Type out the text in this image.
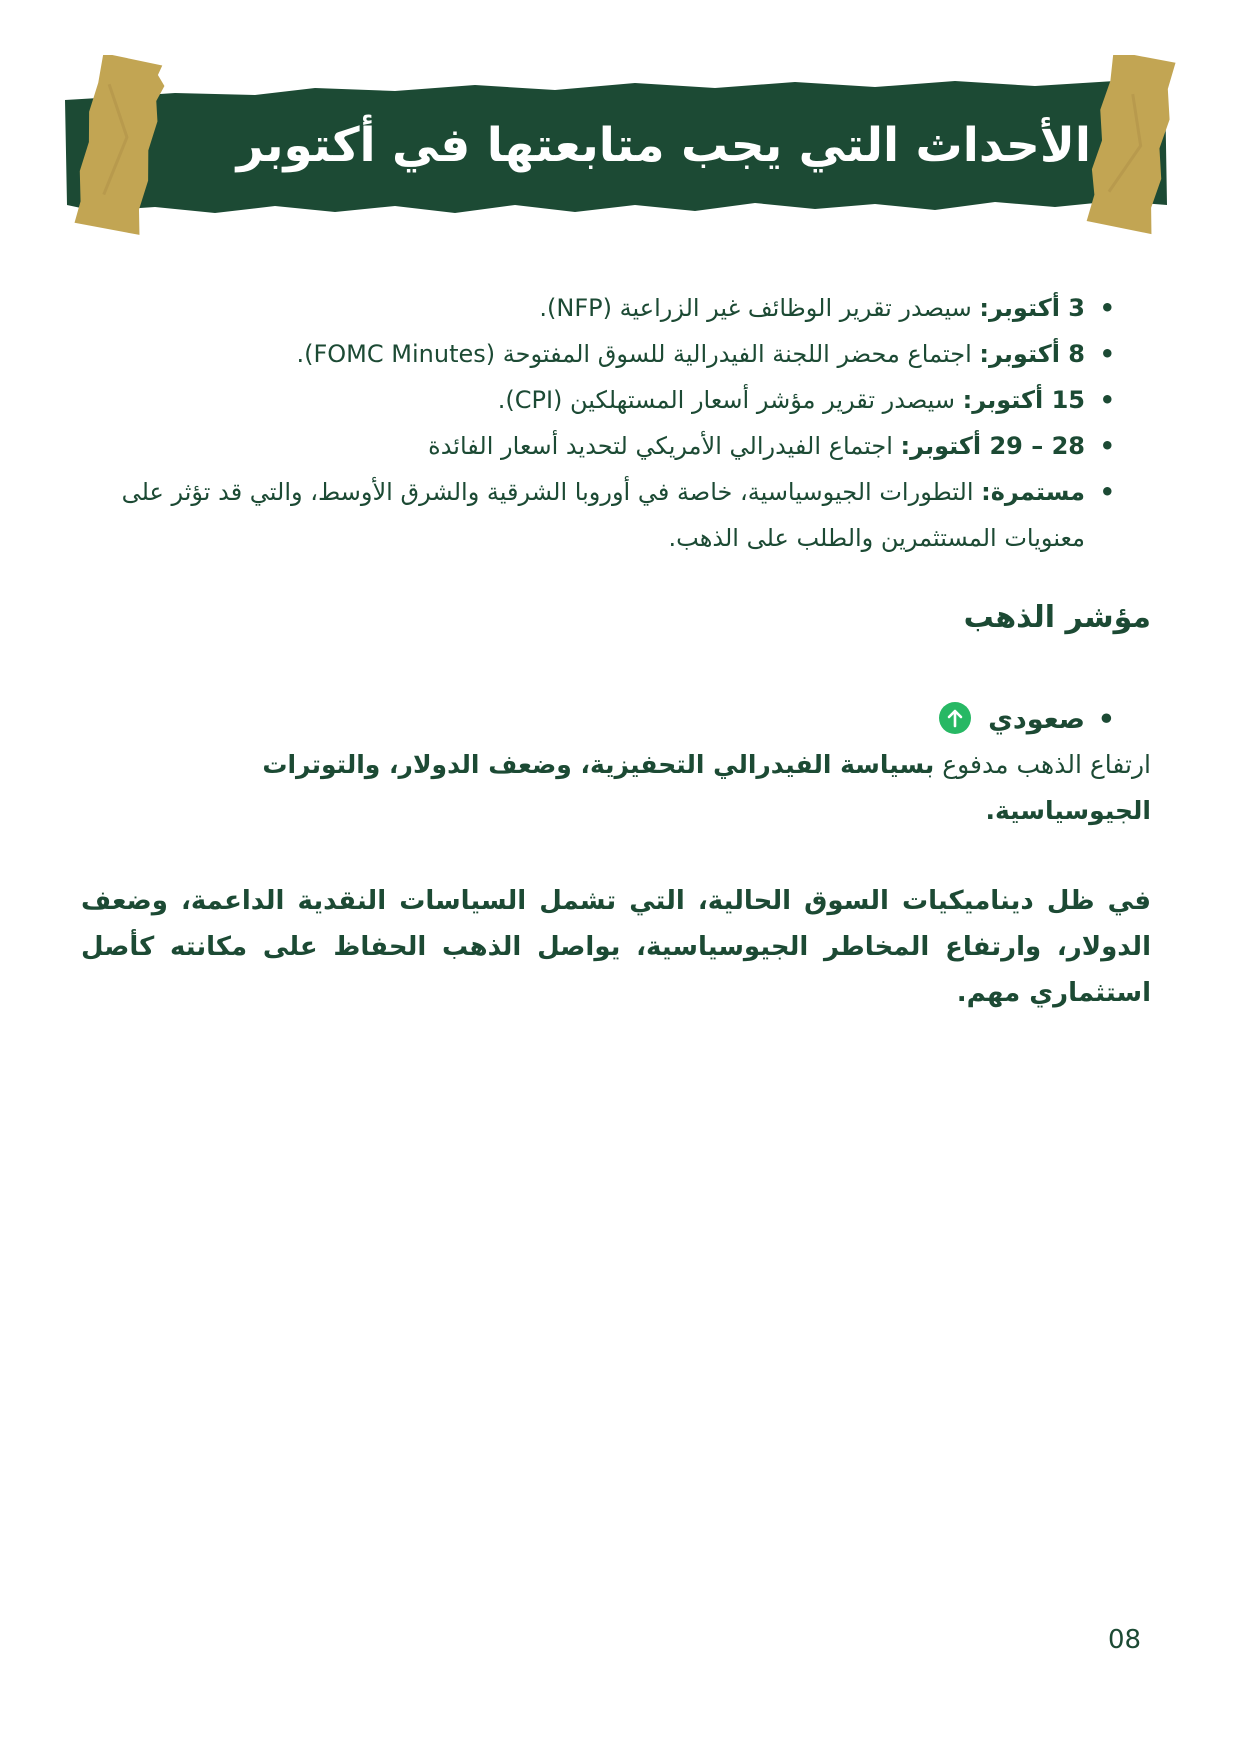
الأحداث التي يجب متابعتها في أكتوبر
•
3 أكتوبر: سيصدر تقرير الوظائف غير الزراعية (NFP).
•
8 أكتوبر: اجتماع محضر اللجنة الفيدرالية للسوق المفتوحة (FOMC Minutes).
•
15 أكتوبر: سيصدر تقرير مؤشر أسعار المستهلكين (CPI).
•
28 – 29 أكتوبر: اجتماع الفيدرالي الأمريكي لتحديد أسعار الفائدة
•
مستمرة: التطورات الجيوسياسية، خاصة في أوروبا الشرقية والشرق الأوسط، والتي قد تؤثر على معنويات المستثمرين والطلب على الذهب.
مؤشر الذهب
•
صعودي
ارتفاع الذهب مدفوع بسياسة الفيدرالي التحفيزية، وضعف الدولار، والتوترات الجيوسياسية.
في ظل ديناميكيات السوق الحالية، التي تشمل السياسات النقدية الداعمة، وضعف الدولار، وارتفاع المخاطر الجيوسياسية، يواصل الذهب الحفاظ على مكانته كأصل استثماري مهم.
08
